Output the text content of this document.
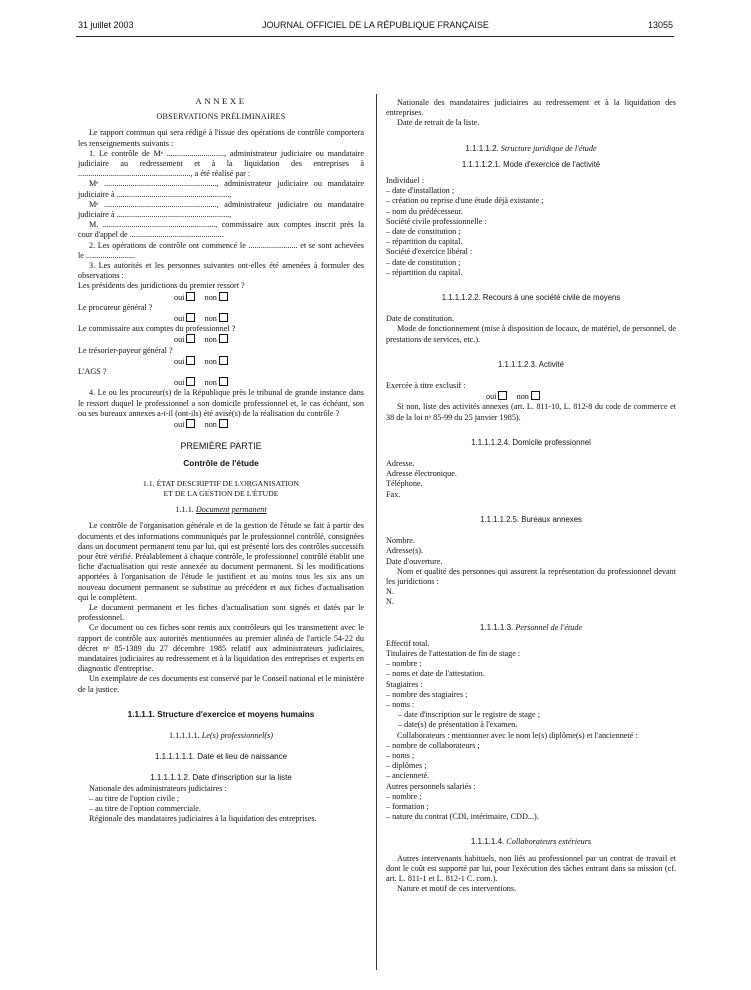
31 juillet 2003	JOURNAL OFFICIEL DE LA RÉPUBLIQUE FRANÇAISE	13055

ANNEXE

OBSERVATIONS PRÉLIMINAIRES

Le rapport commun qui sera rédigé à l'issue des opérations de contrôle comportera les renseignements suivants :

1. Le contrôle de Mᵉ ............................, administrateur judiciaire ou mandataire judiciaire au redressement et à la liquidation des entreprises à ......................................................., a été réalisé par :

Mᵉ ......................................................., administrateur judiciaire ou mandataire judiciaire à .......................................................,

Mᵉ ......................................................., administrateur judiciaire ou mandataire judiciaire à .......................................................,

M. ......................................................., commissaire aux comptes inscrit près la cour d'appel de ..............................................

2. Les opérations de contrôle ont commencé le ........................ et se sont achevées le ........................

3. Les autorités et les personnes suivantes ont-elles été amenées à formuler des observations :

Les présidents des juridictions du premier ressort ?

oui non

Le procureur général ?

oui non

Le commissaire aux comptes du professionnel ?

oui non

Le trésorier-payeur général ?

oui non

L'AGS ?

oui non

4. Le ou les procureur(s) de la République près le tribunal de grande instance dans le ressort duquel le professionnel a son domicile professionnel et, le cas échéant, son ou ses bureaux annexes a-t-il (ont-ils) été avisé(s) de la réalisation du contrôle ?

oui non

PREMIÈRE PARTIE

Contrôle de l'étude

1.1. ÉTAT DESCRIPTIF DE L'ORGANISATION

ET DE LA GESTION DE L'ÉTUDE

1.1.1. Document permanent

Le contrôle de l'organisation générale et de la gestion de l'étude se fait à partir des documents et des informations communiqués par le professionnel contrôlé, consignées dans un document permanent tenu par lui, qui est présenté lors des contrôles successifs pour être vérifié. Préalablement à chaque contrôle, le professionnel contrôlé établit une fiche d'actualisation qui reste annexée au document permanent. Si les modifications apportées à l'organisation de l'étude le justifient et au moins tous les six ans un nouveau document permanent se substitue au précédent et aux fiches d'actualisation qui le complètent.

Le document permanent et les fiches d'actualisation sont signés et datés par le professionnel.

Ce document ou ces fiches sont remis aux contrôleurs qui les transmettent avec le rapport de contrôle aux autorités mentionnées au premier alinéa de l'article 54-22 du décret nᵒ 85-1389 du 27 décembre 1985 relatif aux administrateurs judiciaires, mandataires judiciaires au redressement et à la liquidation des entreprises et experts en diagnostic d'entreprise.

Un exemplaire de ces documents est conservé par le Conseil national et le ministère de la justice.

1.1.1.1. Structure d'exercice et moyens humains

1.1.1.1.1. Le(s) professionnel(s)

1.1.1.1.1.1. Date et lieu de naissance

1.1.1.1.1.2. Date d'inscription sur la liste

Nationale des administrateurs judiciaires :

– au titre de l'option civile ;

– au titre de l'option commerciale.

Régionale des mandataires judiciaires à la liquidation des entreprises.

Nationale des mandataires judiciaires au redressement et à la liquidation des entreprises.

Date de retrait de la liste.

1.1.1.1.2. Structure juridique de l'étude

1.1.1.1.2.1. Mode d'exercice de l'activité

Individuel :

– date d'installation ;

– création ou reprise d'une étude déjà existante ;

– nom du prédécesseur.

Société civile professionnelle :

– date de constitution ;

– répartition du capital.

Société d'exercice libéral :

– date de constitution ;

– répartition du capital.

1.1.1.1.2.2. Recours à une société civile de moyens

Date de constitution.

Mode de fonctionnement (mise à disposition de locaux, de matériel, de personnel, de prestations de services, etc.).

1.1.1.1.2.3. Activité

Exercée à titre exclusif :

oui non

Si non, liste des activités annexes (art. L. 811-10, L. 812-8 du code de commerce et 38 de la loi nᵒ 85-99 du 25 janvier 1985).

1.1.1.1.2.4. Domicile professionnel

Adresse.

Adresse électronique.

Téléphone.

Fax.

1.1.1.1.2.5. Bureaux annexes

Nombre.

Adresse(s).

Date d'ouverture.

Nom et qualité des personnes qui assurent la représentation du professionnel devant les juridictions :

N.

N.

1.1.1.1.3. Personnel de l'étude

Effectif total.

Titulaires de l'attestation de fin de stage :

– nombre ;

– noms et date de l'attestation.

Stagiaires :

– nombre des stagiaires ;

– noms :

– date d'inscription sur le registre de stage ;

– date(s) de présentation à l'examen.

Collaborateurs : mentionner avec le nom le(s) diplôme(s) et l'ancienneté :

– nombre de collaborateurs ;

– noms ;

– diplômes ;

– ancienneté.

Autres personnels salariés :

– nombre ;

– formation ;

– nature du contrat (CDI, intérimaire, CDD...).

1.1.1.1.4. Collaborateurs extérieurs

Autres intervenants habituels, non liés au professionnel par un contrat de travail et dont le coût est supporté par lui, pour l'exécution des tâches entrant dans sa mission (cf. art. L. 811-1 et L. 812-1 C. com.).

Nature et motif de ces interventions.
